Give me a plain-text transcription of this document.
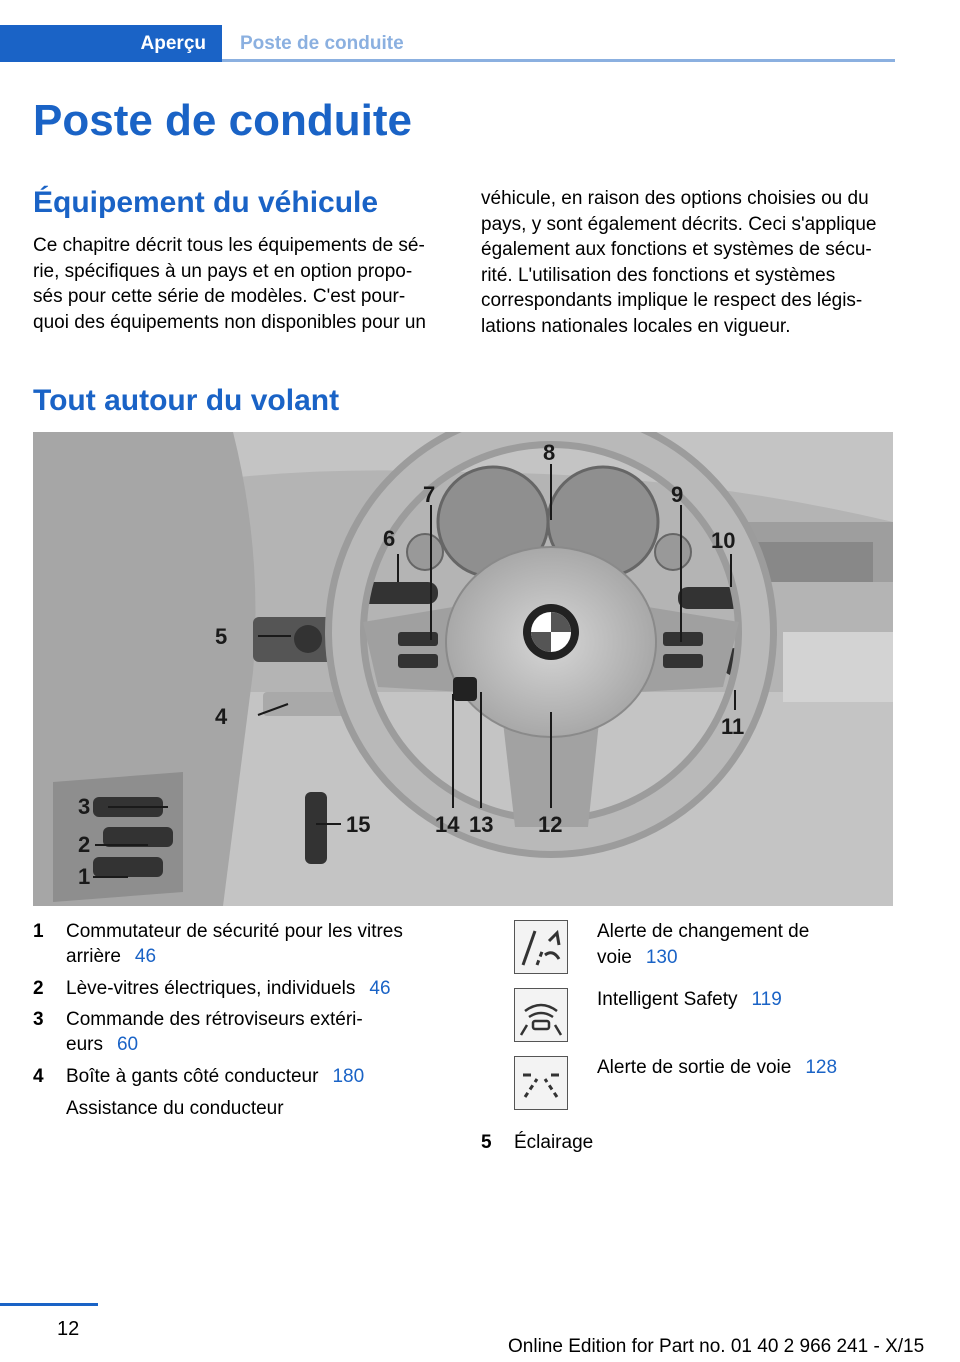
Aperçu	Poste de conduite
Poste de conduite
Équipement du véhicule
Ce chapitre décrit tous les équipements de sé‐
rie, spécifiques à un pays et en option propo‐
sés pour cette série de modèles. C'est pour‐
quoi des équipements non disponibles pour un
véhicule, en raison des options choisies ou du
pays, y sont également décrits. Ceci s'applique
également aux fonctions et systèmes de sécu‐
rité. L'utilisation des fonctions et systèmes
correspondants implique le respect des légis‐
lations nationales locales en vigueur.
Tout autour du volant
1
2
3
4
5
6
7
8
9
10
11
12
13
14
15
1	Commutateur de sécurité pour les vitres
arrière 46
2	Lève-vitres électriques, individuels 46
3	Commande des rétroviseurs extéri‐
eurs 60
4	Boîte à gants côté conducteur 180
Assistance du conducteur
Alerte de changement de
voie 130
Intelligent Safety 119
Alerte de sortie de voie 128
5	Éclairage
12
Online Edition for Part no. 01 40 2 966 241 - X/15
